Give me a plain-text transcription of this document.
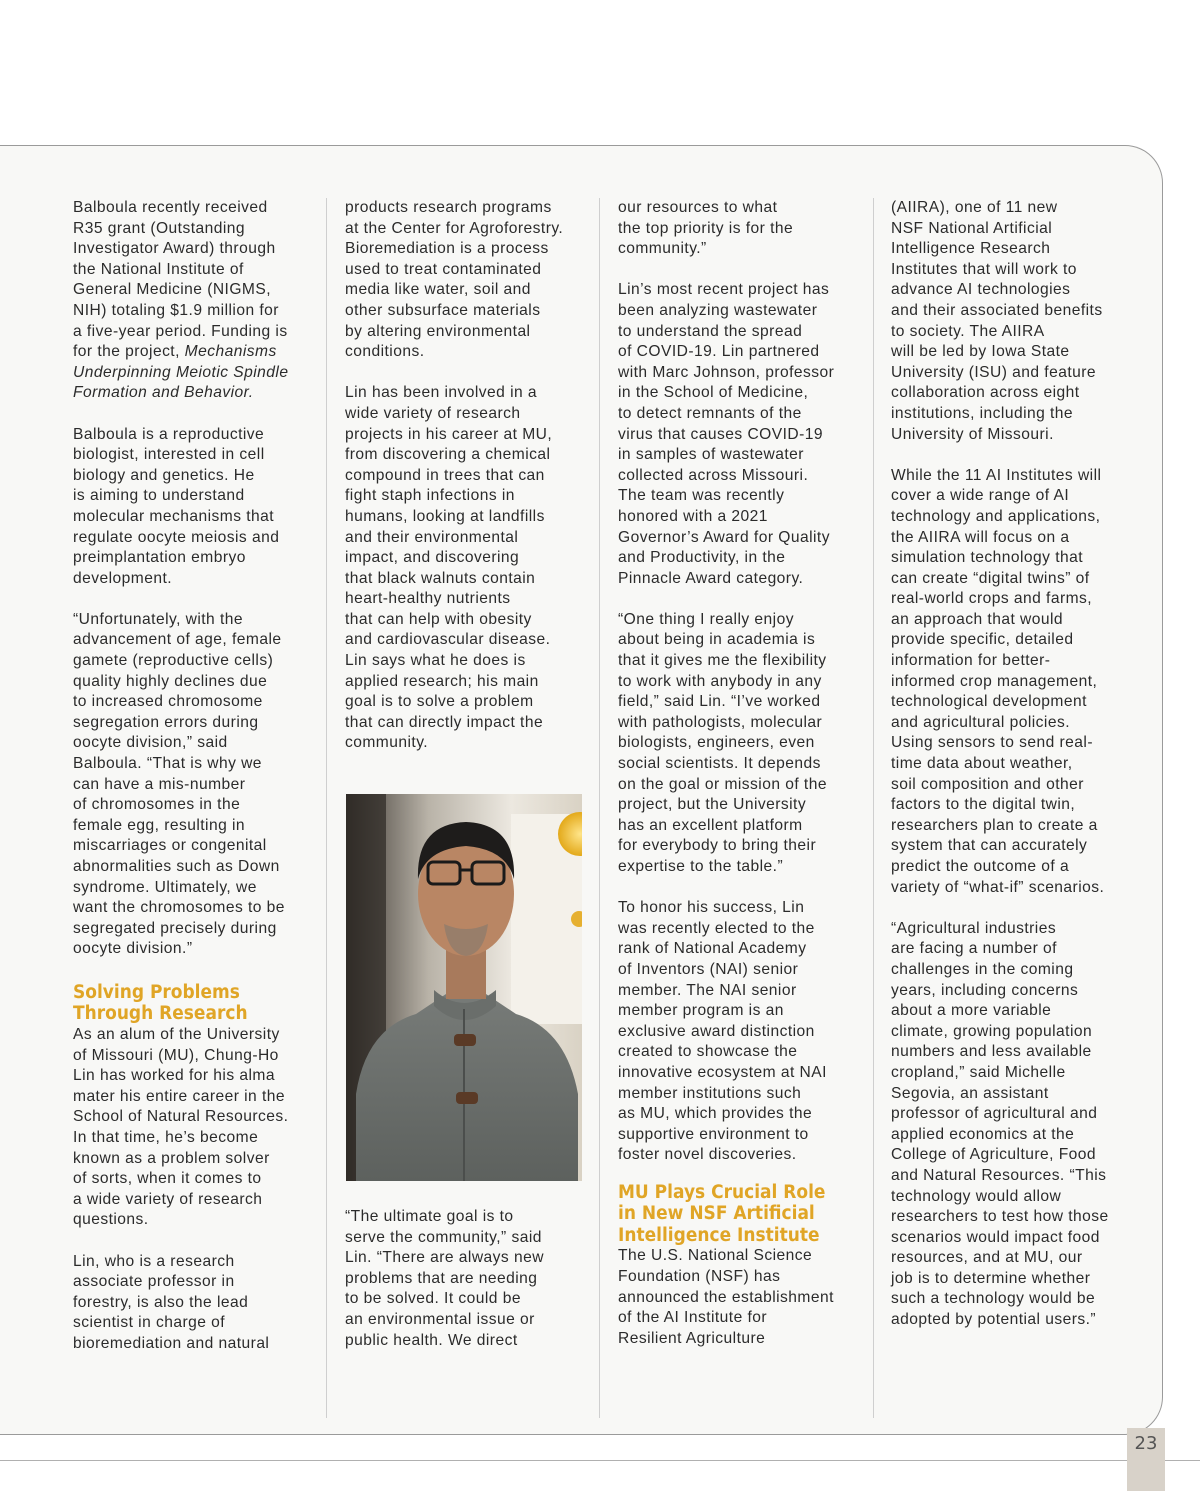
23
Balboula recently received
R35 grant (Outstanding
Investigator Award) through
the National Institute of
General Medicine (NIGMS,
NIH) totaling $1.9 million for
a five-year period. Funding is
for the project, Mechanisms
Underpinning Meiotic Spindle
Formation and Behavior.
Balboula is a reproductive
biologist, interested in cell
biology and genetics. He
is aiming to understand
molecular mechanisms that
regulate oocyte meiosis and
preimplantation embryo
development.
“Unfortunately, with the
advancement of age, female
gamete (reproductive cells)
quality highly declines due
to increased chromosome
segregation errors during
oocyte division,” said
Balboula. “That is why we
can have a mis-number
of chromosomes in the
female egg, resulting in
miscarriages or congenital
abnormalities such as Down
syndrome. Ultimately, we
want the chromosomes to be
segregated precisely during
oocyte division.”
Solving Problems
Through Research
As an alum of the University
of Missouri (MU), Chung-Ho
Lin has worked for his alma
mater his entire career in the
School of Natural Resources.
In that time, he’s become
known as a problem solver
of sorts, when it comes to
a wide variety of research
questions.
Lin, who is a research
associate professor in
forestry, is also the lead
scientist in charge of
bioremediation and natural
products research programs
at the Center for Agroforestry.
Bioremediation is a process
used to treat contaminated
media like water, soil and
other subsurface materials
by altering environmental
conditions.
Lin has been involved in a
wide variety of research
projects in his career at MU,
from discovering a chemical
compound in trees that can
fight staph infections in
humans, looking at landfills
and their environmental
impact, and discovering
that black walnuts contain
heart-healthy nutrients
that can help with obesity
and cardiovascular disease.
Lin says what he does is
applied research; his main
goal is to solve a problem
that can directly impact the
community.
“The ultimate goal is to
serve the community,” said
Lin. “There are always new
problems that are needing
to be solved. It could be
an environmental issue or
public health. We direct
our resources to what
the top priority is for the
community.”
Lin’s most recent project has
been analyzing wastewater
to understand the spread
of COVID-19. Lin partnered
with Marc Johnson, professor
in the School of Medicine,
to detect remnants of the
virus that causes COVID-19
in samples of wastewater
collected across Missouri.
The team was recently
honored with a 2021
Governor’s Award for Quality
and Productivity, in the
Pinnacle Award category.
“One thing I really enjoy
about being in academia is
that it gives me the flexibility
to work with anybody in any
field,” said Lin. “I’ve worked
with pathologists, molecular
biologists, engineers, even
social scientists. It depends
on the goal or mission of the
project, but the University
has an excellent platform
for everybody to bring their
expertise to the table.”
To honor his success, Lin
was recently elected to the
rank of National Academy
of Inventors (NAI) senior
member. The NAI senior
member program is an
exclusive award distinction
created to showcase the
innovative ecosystem at NAI
member institutions such
as MU, which provides the
supportive environment to
foster novel discoveries.
MU Plays Crucial Role
in New NSF Artificial
Intelligence Institute
The U.S. National Science
Foundation (NSF) has
announced the establishment
of the AI Institute for
Resilient Agriculture
(AIIRA), one of 11 new
NSF National Artificial
Intelligence Research
Institutes that will work to
advance AI technologies
and their associated benefits
to society. The AIIRA
will be led by Iowa State
University (ISU) and feature
collaboration across eight
institutions, including the
University of Missouri.
While the 11 AI Institutes will
cover a wide range of AI
technology and applications,
the AIIRA will focus on a
simulation technology that
can create “digital twins” of
real-world crops and farms,
an approach that would
provide specific, detailed
information for better-
informed crop management,
technological development
and agricultural policies.
Using sensors to send real-
time data about weather,
soil composition and other
factors to the digital twin,
researchers plan to create a
system that can accurately
predict the outcome of a
variety of “what-if” scenarios.
“Agricultural industries
are facing a number of
challenges in the coming
years, including concerns
about a more variable
climate, growing population
numbers and less available
cropland,” said Michelle
Segovia, an assistant
professor of agricultural and
applied economics at the
College of Agriculture, Food
and Natural Resources. “This
technology would allow
researchers to test how those
scenarios would impact food
resources, and at MU, our
job is to determine whether
such a technology would be
adopted by potential users.”
